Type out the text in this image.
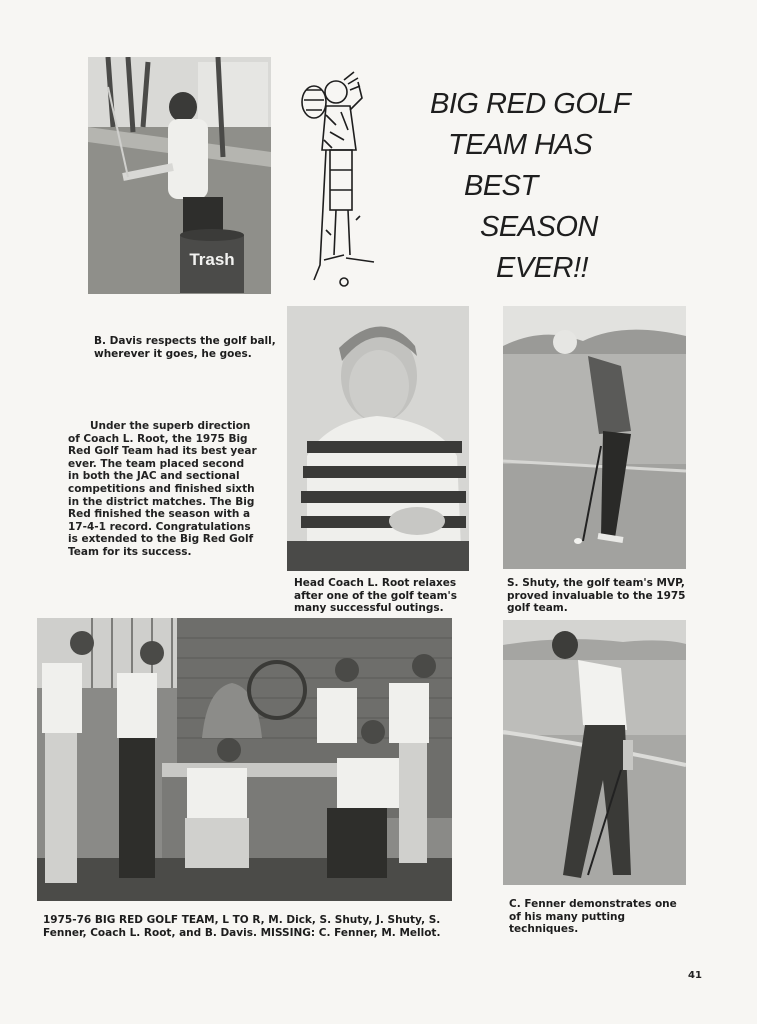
Trash

B. Davis respects the golf ball, wherever it goes, he goes.

BIG RED GOLF
TEAM HAS
BEST
SEASON
EVER!!

Head Coach L. Root relaxes after one of the golf team's many successful outings.

S. Shuty, the golf team's MVP, proved invaluable to the 1975 golf team.

Under the superb direction of Coach L. Root, the 1975 Big Red Golf Team had its best year ever. The team placed second in both the JAC and sectional competitions and finished sixth in the district matches. The Big Red finished the season with a 17-4-1 record. Congratulations is extended to the Big Red Golf Team for its success.

1975-76 BIG RED GOLF TEAM, L TO R, M. Dick, S. Shuty, J. Shuty, S. Fenner, Coach L. Root, and B. Davis. MISSING: C. Fenner, M. Mellot.

C. Fenner demonstrates one of his many putting techniques.

41
